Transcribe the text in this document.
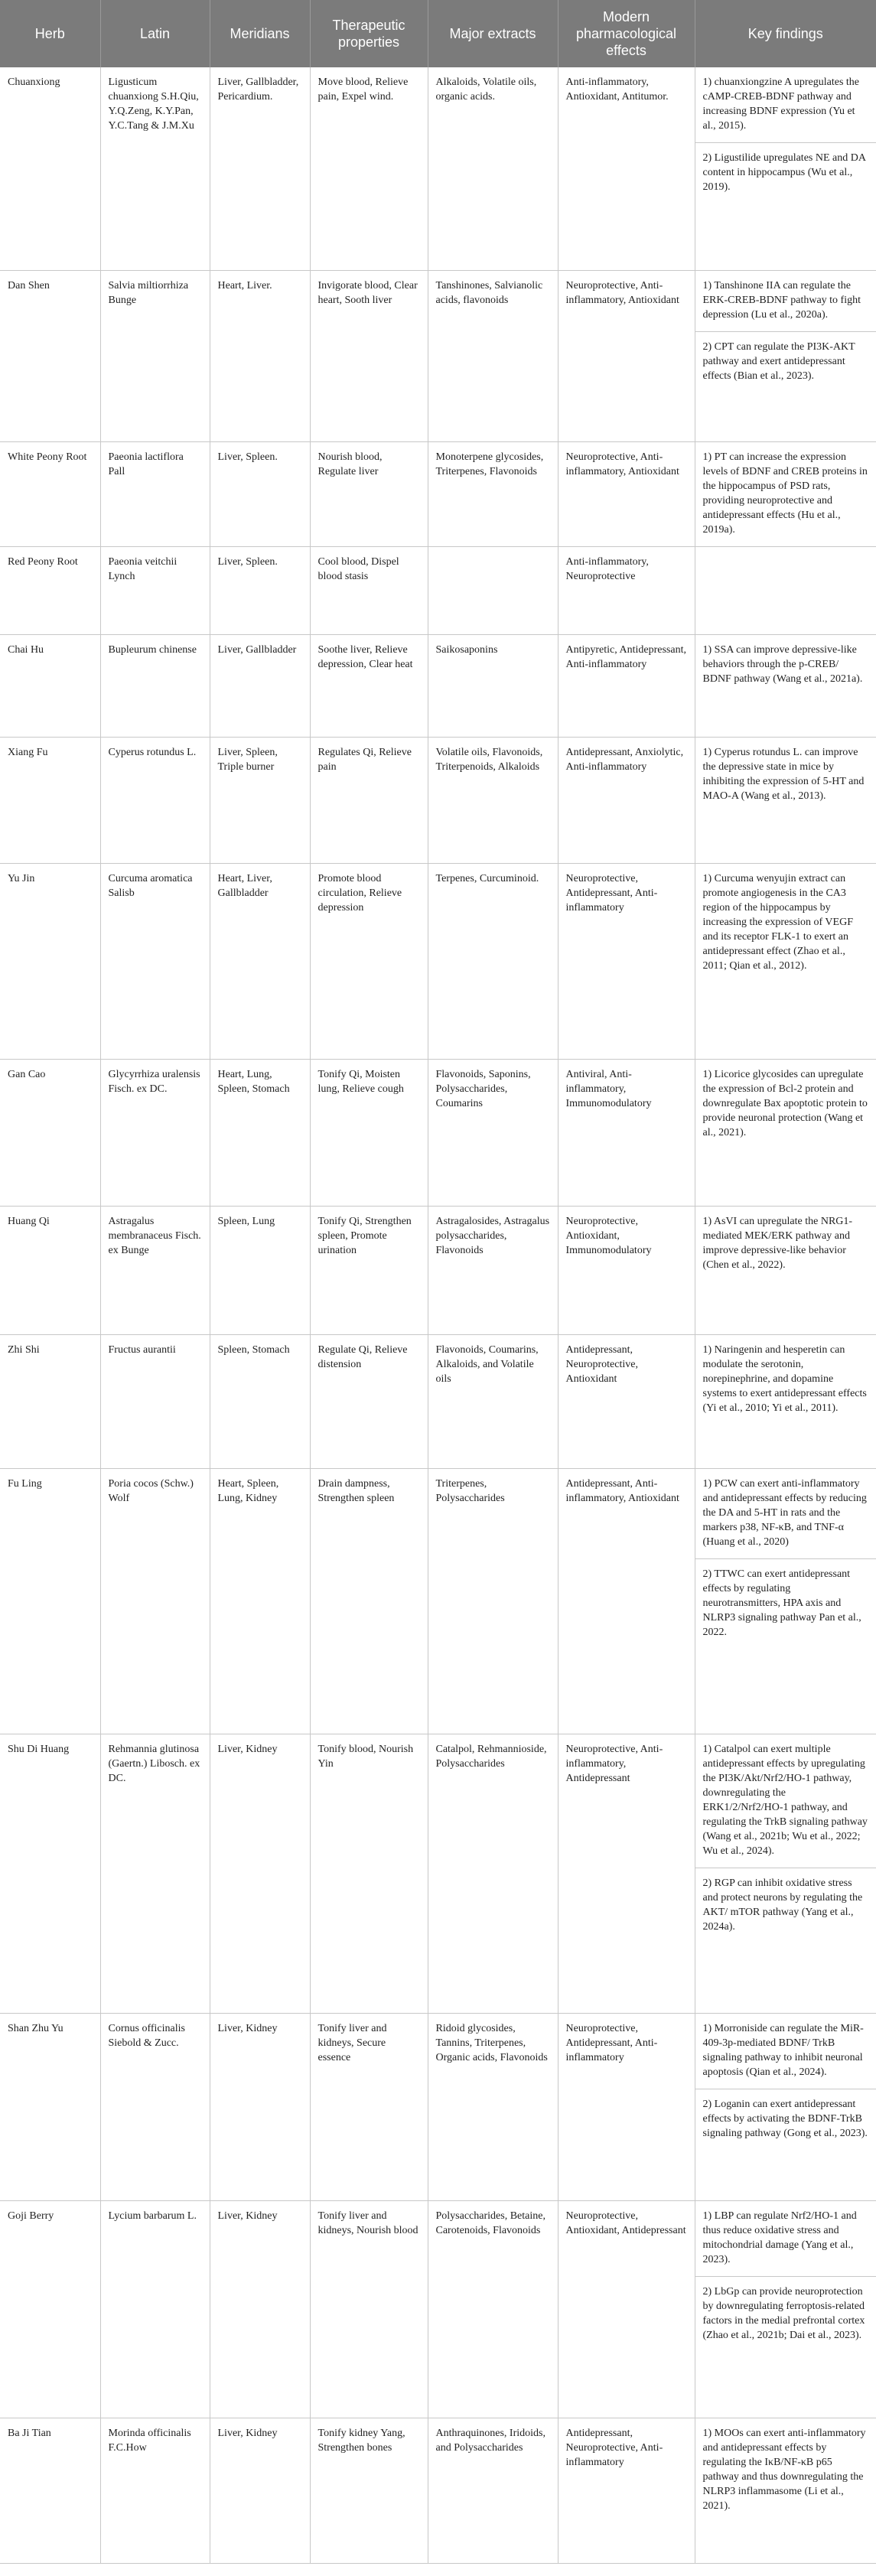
Herb	Latin	Meridians	Therapeutic properties	Major extracts	Modern pharmacological effects	Key findings
Chuanxiong	Ligusticum chuanxiong S.H.Qiu, Y.Q.Zeng, K.Y.Pan, Y.C.Tang & J.M.Xu	Liver, Gallbladder, Pericardium.	Move blood, Relieve pain, Expel wind.	Alkaloids, Volatile oils, organic acids.	Anti-inflammatory, Antioxidant, Antitumor.	1) chuanxiongzine A upregulates the cAMP-CREB-BDNF pathway and increasing BDNF expression (Yu et al., 2015).
2) Ligustilide upregulates NE and DA content in hippocampus (Wu et al., 2019).

Dan Shen	Salvia miltiorrhiza Bunge	Heart, Liver.	Invigorate blood, Clear heart, Sooth liver	Tanshinones, Salvianolic acids, flavonoids	Neuroprotective, Anti-inflammatory, Antioxidant	1) Tanshinone IIA can regulate the ERK-CREB-BDNF pathway to fight depression (Lu et al., 2020a).
2) CPT can regulate the PI3K-AKT pathway and exert antidepressant effects (Bian et al., 2023).

White Peony Root	Paeonia lactiflora Pall	Liver, Spleen.	Nourish blood, Regulate liver	Monoterpene glycosides, Triterpenes, Flavonoids	Neuroprotective, Anti-inflammatory, Antioxidant	1) PT can increase the expression levels of BDNF and CREB proteins in the hippocampus of PSD rats, providing neuroprotective and antidepressant effects (Hu et al., 2019a).

Red Peony Root	Paeonia veitchii Lynch	Liver, Spleen.	Cool blood, Dispel blood stasis		Anti-inflammatory, Neuroprotective	
Chai Hu	Bupleurum chinense	Liver, Gallbladder	Soothe liver, Relieve depression, Clear heat	Saikosaponins	Antipyretic, Antidepressant, Anti-inflammatory	1) SSA can improve depressive-like behaviors through the p-CREB/ BDNF pathway (Wang et al., 2021a).

Xiang Fu	Cyperus rotundus L.	Liver, Spleen, Triple burner	Regulates Qi, Relieve pain	Volatile oils, Flavonoids, Triterpenoids, Alkaloids	Antidepressant, Anxiolytic, Anti-inflammatory	1) Cyperus rotundus L. can improve the depressive state in mice by inhibiting the expression of 5-HT and MAO-A (Wang et al., 2013).

Yu Jin	Curcuma aromatica Salisb	Heart, Liver, Gallbladder	Promote blood circulation, Relieve depression	Terpenes, Curcuminoid.	Neuroprotective, Antidepressant, Anti-inflammatory	1) Curcuma wenyujin extract can promote angiogenesis in the CA3 region of the hippocampus by increasing the expression of VEGF and its receptor FLK-1 to exert an antidepressant effect (Zhao et al., 2011; Qian et al., 2012).

Gan Cao	Glycyrrhiza uralensis Fisch. ex DC.	Heart, Lung, Spleen, Stomach	Tonify Qi, Moisten lung, Relieve cough	Flavonoids, Saponins, Polysaccharides, Coumarins	Antiviral, Anti-inflammatory, Immunomodulatory	1) Licorice glycosides can upregulate the expression of Bcl-2 protein and downregulate Bax apoptotic protein to provide neuronal protection (Wang et al., 2021).

Huang Qi	Astragalus membranaceus Fisch. ex Bunge	Spleen, Lung	Tonify Qi, Strengthen spleen, Promote urination	Astragalosides, Astragalus polysaccharides, Flavonoids	Neuroprotective, Antioxidant, Immunomodulatory	1) AsVI can upregulate the NRG1-mediated MEK/ERK pathway and improve depressive-like behavior (Chen et al., 2022).

Zhi Shi	Fructus aurantii	Spleen, Stomach	Regulate Qi, Relieve distension	Flavonoids, Coumarins, Alkaloids, and Volatile oils	Antidepressant, Neuroprotective, Antioxidant	1) Naringenin and hesperetin can modulate the serotonin, norepinephrine, and dopamine systems to exert antidepressant effects (Yi et al., 2010; Yi et al., 2011).

Fu Ling	Poria cocos (Schw.) Wolf	Heart, Spleen, Lung, Kidney	Drain dampness, Strengthen spleen	Triterpenes, Polysaccharides	Antidepressant, Anti-inflammatory, Antioxidant	1) PCW can exert anti-inflammatory and antidepressant effects by reducing the DA and 5-HT in rats and the markers p38, NF-κB, and TNF-α (Huang et al., 2020)
2) TTWC can exert antidepressant effects by regulating neurotransmitters, HPA axis and NLRP3 signaling pathway Pan et al., 2022.

Shu Di Huang	Rehmannia glutinosa (Gaertn.) Libosch. ex DC.	Liver, Kidney	Tonify blood, Nourish Yin	Catalpol, Rehmannioside, Polysaccharides	Neuroprotective, Anti-inflammatory, Antidepressant	1) Catalpol can exert multiple antidepressant effects by upregulating the PI3K/Akt/Nrf2/HO-1 pathway, downregulating the ERK1/2/Nrf2/HO-1 pathway, and regulating the TrkB signaling pathway (Wang et al., 2021b; Wu et al., 2022; Wu et al., 2024).
2) RGP can inhibit oxidative stress and protect neurons by regulating the AKT/ mTOR pathway (Yang et al., 2024a).

Shan Zhu Yu	Cornus officinalis Siebold & Zucc.	Liver, Kidney	Tonify liver and kidneys, Secure essence	Ridoid glycosides, Tannins, Triterpenes, Organic acids, Flavonoids	Neuroprotective, Antidepressant, Anti-inflammatory	1) Morroniside can regulate the MiR-409-3p-mediated BDNF/ TrkB signaling pathway to inhibit neuronal apoptosis (Qian et al., 2024).
2) Loganin can exert antidepressant effects by activating the BDNF-TrkB signaling pathway (Gong et al., 2023).

Goji Berry	Lycium barbarum L.	Liver, Kidney	Tonify liver and kidneys, Nourish blood	Polysaccharides, Betaine, Carotenoids, Flavonoids	Neuroprotective, Antioxidant, Antidepressant	1) LBP can regulate Nrf2/HO-1 and thus reduce oxidative stress and mitochondrial damage (Yang et al., 2023).
2) LbGp can provide neuroprotection by downregulating ferroptosis-related factors in the medial prefrontal cortex (Zhao et al., 2021b; Dai et al., 2023).

Ba Ji Tian	Morinda officinalis F.C.How	Liver, Kidney	Tonify kidney Yang, Strengthen bones	Anthraquinones, Iridoids, and Polysaccharides	Antidepressant, Neuroprotective, Anti-inflammatory	1) MOOs can exert anti-inflammatory and antidepressant effects by regulating the IκB/NF-κB p65 pathway and thus downregulating the NLRP3 inflammasome (Li et al., 2021).
